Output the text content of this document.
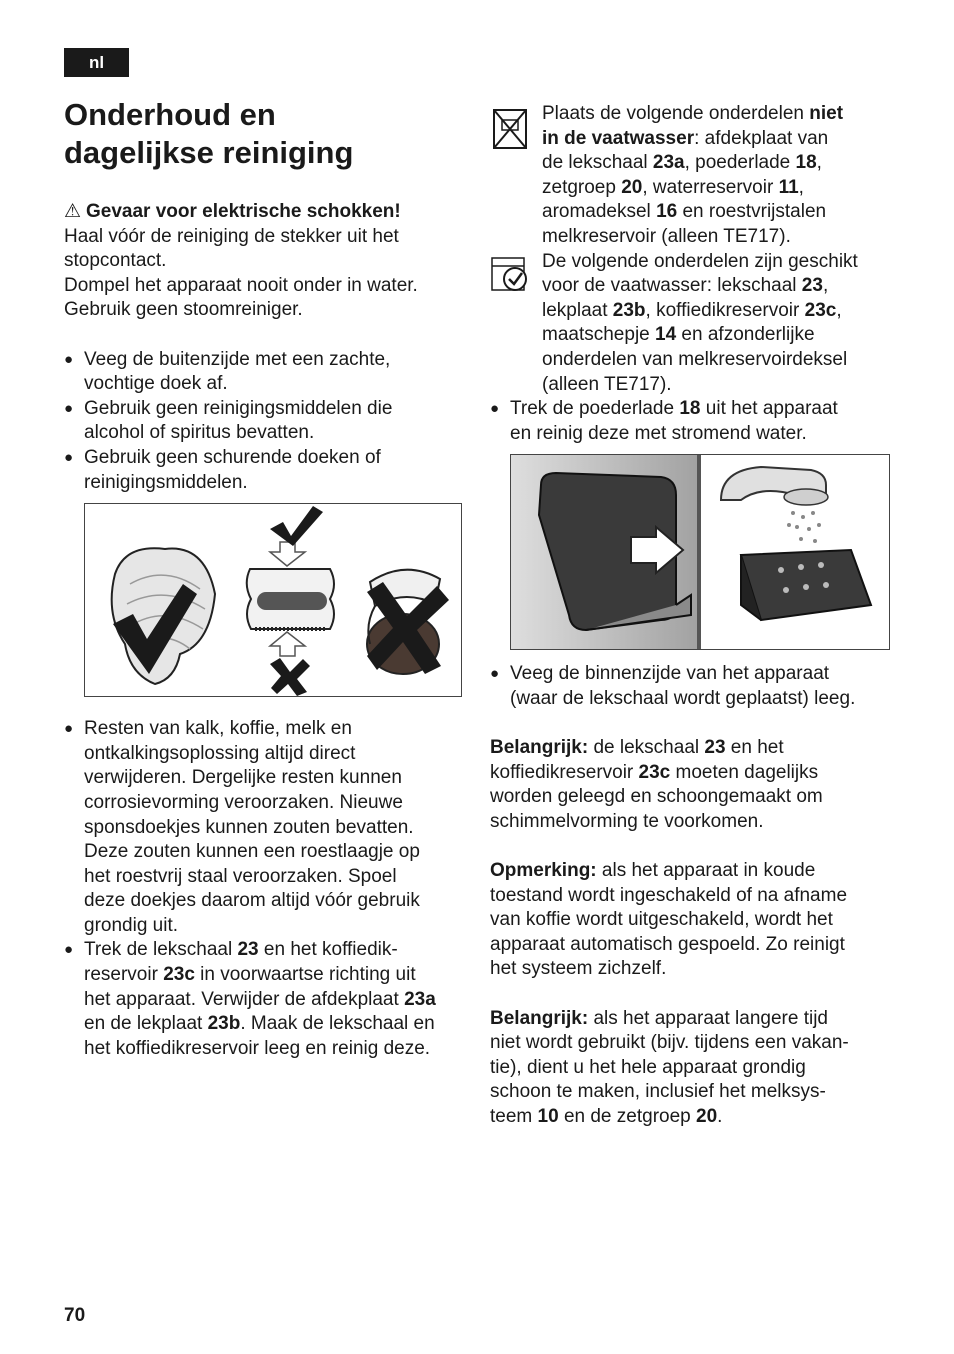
nl
Onderhoud en
dagelijkse reiniging

⚠ Gevaar voor elektrische schokken!

Haal vóór de reiniging de stekker uit het

stopcontact.

Dompel het apparaat nooit onder in water.

Gebruik geen stoomreiniger.

● Veeg de buitenzijde met een zachte,

vochtige doek af.

● Gebruik geen reinigingsmiddelen die

alcohol of spiritus bevatten.

● Gebruik geen schurende doeken of

reinigingsmiddelen.

● Resten van kalk, koffie, melk en

ontkalkingsoplossing altijd direct

verwijderen. Dergelijke resten kunnen

corrosievorming veroorzaken. Nieuwe

sponsdoekjes kunnen zouten bevatten.

Deze zouten kunnen een roestlaagje op

het roestvrij staal veroorzaken. Spoel

deze doekjes daarom altijd vóór gebruik

grondig uit.

● Trek de lekschaal 23 en het koffiedik-

reservoir 23c in voorwaartse richting uit

het apparaat. Verwijder de afdekplaat 23a

en de lekplaat 23b. Maak de lekschaal en

het koffiedikreservoir leeg en reinig deze.

Plaats de volgende onderdelen niet

in de vaatwasser: afdekplaat van

de lekschaal 23a, poederlade 18,

zetgroep 20, waterreservoir 11,

aromadeksel 16 en roestvrijstalen

melkreservoir (alleen TE717).

De volgende onderdelen zijn geschikt

voor de vaatwasser: lekschaal 23,

lekplaat 23b, koffiedikreservoir 23c,

maatschepje 14 en afzonderlijke

onderdelen van melkreservoirdeksel

(alleen TE717).

● Trek de poederlade 18 uit het apparaat

en reinig deze met stromend water.

● Veeg de binnenzijde van het apparaat

(waar de lekschaal wordt geplaatst) leeg.

Belangrijk: de lekschaal 23 en het

koffiedikreservoir 23c moeten dagelijks

worden geleegd en schoongemaakt om

schimmelvorming te voorkomen.

Opmerking: als het apparaat in koude

toestand wordt ingeschakeld of na afname

van koffie wordt uitgeschakeld, wordt het

apparaat automatisch gespoeld. Zo reinigt

het systeem zichzelf.

Belangrijk: als het apparaat langere tijd

niet wordt gebruikt (bijv. tijdens een vakan-

tie), dient u het hele apparaat grondig

schoon te maken, inclusief het melksys-

teem 10 en de zetgroep 20.

70
